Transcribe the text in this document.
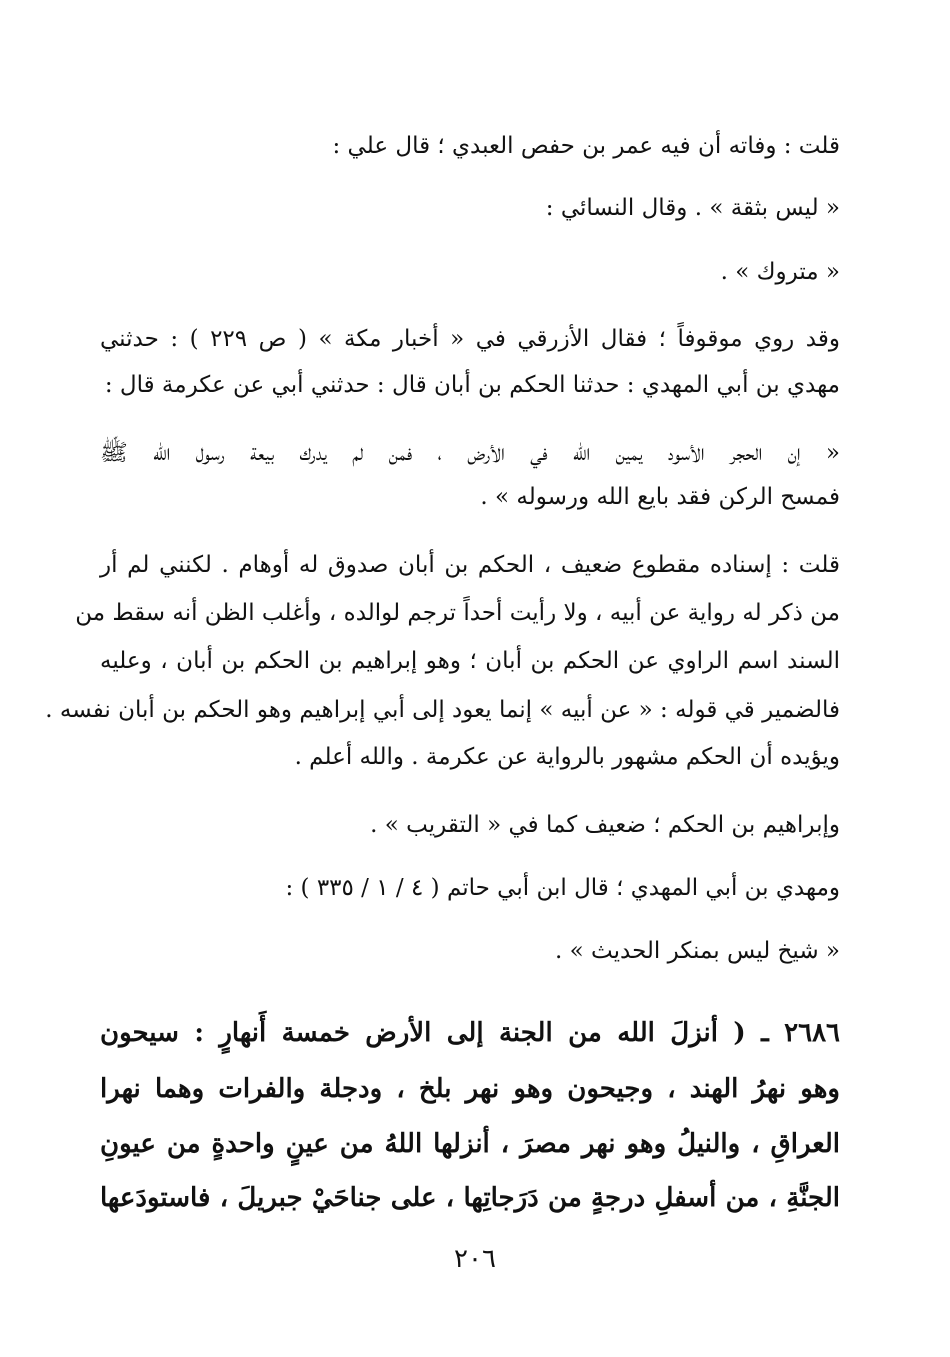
قلت : وفاته أن فيه عمر بن حفص العبدي ؛ قال علي :
« ليس بثقة » . وقال النسائي :
« متروك » .
وقد روي موقوفاً ؛ فقال الأزرقي في « أخبار مكة » ( ص ٢٢٩ ) : حدثني
مهدي بن أبي المهدي : حدثنا الحكم بن أبان قال : حدثني أبي عن عكرمة قال :
« إن الحجر الأسود يمين الله في الأرض ، فمن لم يدرك بيعة رسول الله ﷺ
فمسح الركن فقد بايع الله ورسوله » .
قلت : إسناده مقطوع ضعيف ، الحكم بن أبان صدوق له أوهام . لكنني لم أر
من ذكر له رواية عن أبيه ، ولا رأيت أحداً ترجم لوالده ، وأغلب الظن أنه سقط من
السند اسم الراوي عن الحكم بن أبان ؛ وهو إبراهيم بن الحكم بن أبان ، وعليه
فالضمير قي قوله : « عن أبيه » إنما يعود إلى أبي إبراهيم وهو الحكم بن أبان نفسه .
ويؤيده أن الحكم مشهور بالرواية عن عكرمة . والله أعلم .
وإبراهيم بن الحكم ؛ ضعيف كما في « التقريب » .
ومهدي بن أبي المهدي ؛ قال ابن أبي حاتم ( ٤ / ١ / ٣٣٥ ) :
« شيخ ليس بمنكر الحديث » .
٢٦٨٦ ـ ( أنزلَ الله من الجنة إلى الأرض خمسة أَنهارٍ : سيحون
وهو نهرُ الهند ، وجيحون وهو نهر بلخ ، ودجلة والفرات وهما نهرا
العراقِ ، والنيلُ وهو نهر مصرَ ، أنزلها اللهُ من عينٍ واحدةٍ من عيونِ
الجنَّةِ ، من أسفلِ درجةٍ من دَرَجاتِها ، على جناحَيْ جبريلَ ، فاستودَعها
٢٠٦
